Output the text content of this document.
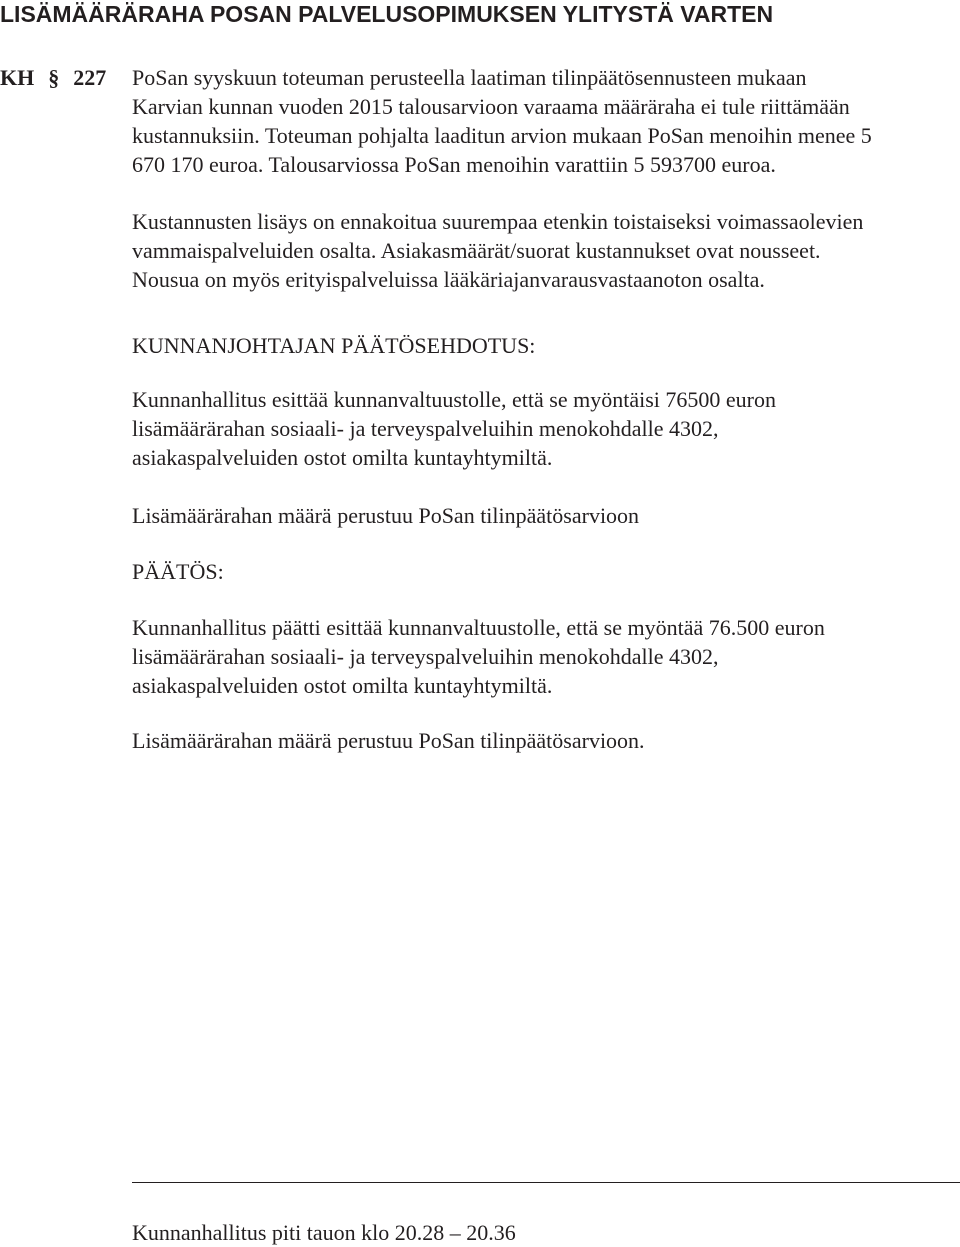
LISÄMÄÄRÄRAHA POSAN PALVELUSOPIMUKSEN YLITYSTÄ VARTEN
KH § 227 PoSan syyskuun toteuman perusteella laatiman tilinpäätösennusteen mukaan
Karvian kunnan vuoden 2015 talousarvioon varaama määräraha ei tule riittämään
kustannuksiin. Toteuman pohjalta laaditun arvion mukaan PoSan menoihin menee 5
670 170 euroa. Talousarviossa PoSan menoihin varattiin 5 593700 euroa.
Kustannusten lisäys on ennakoitua suurempaa etenkin toistaiseksi voimassaolevien
vammaispalveluiden osalta. Asiakasmäärät/suorat kustannukset ovat nousseet.
Nousua on myös erityispalveluissa lääkäriajanvarausvastaanoton osalta.
KUNNANJOHTAJAN PÄÄTÖSEHDOTUS:
Kunnanhallitus esittää kunnanvaltuustolle, että se myöntäisi 76500 euron
lisämäärärahan sosiaali- ja terveyspalveluihin menokohdalle 4302,
asiakaspalveluiden ostot omilta kuntayhtymiltä.
Lisämäärärahan määrä perustuu PoSan tilinpäätösarvioon
PÄÄTÖS:
Kunnanhallitus päätti esittää kunnanvaltuustolle, että se myöntää 76.500 euron
lisämäärärahan sosiaali- ja terveyspalveluihin menokohdalle 4302,
asiakaspalveluiden ostot omilta kuntayhtymiltä.
Lisämäärärahan määrä perustuu PoSan tilinpäätösarvioon.
Kunnanhallitus piti tauon klo 20.28 – 20.36
